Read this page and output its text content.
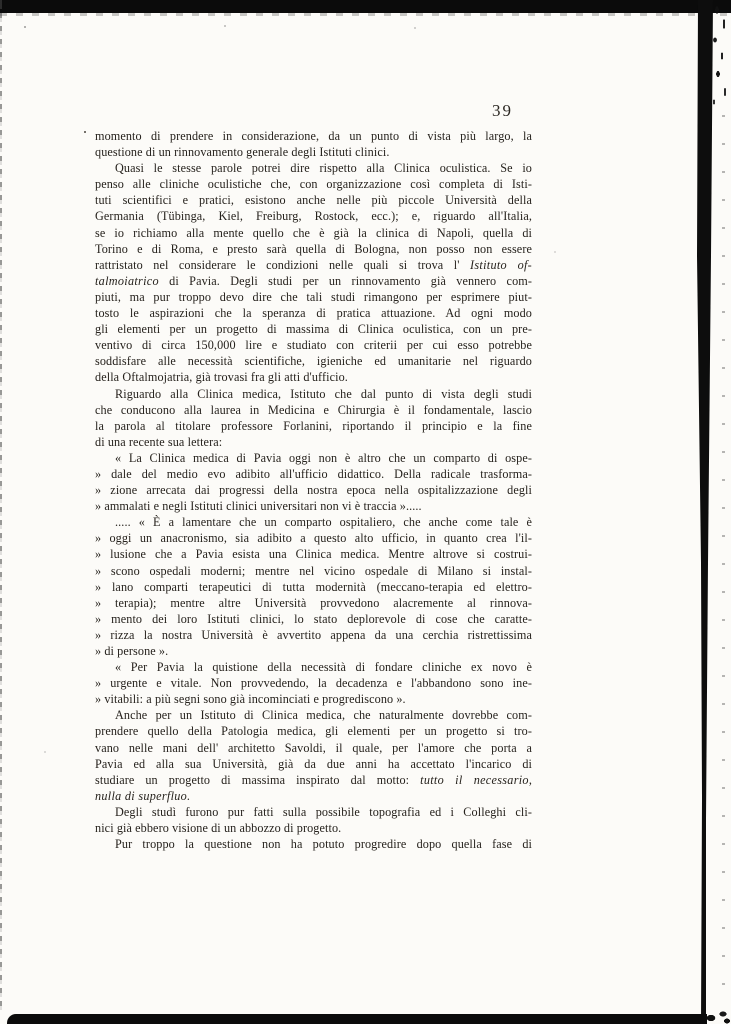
39
momento di prendere in considerazione, da un punto di vista più largo, la
questione di un rinnovamento generale degli Istituti clinici.
Quasi le stesse parole potrei dire rispetto alla Clinica oculistica. Se io
penso alle cliniche oculistiche che, con organizzazione così completa di Isti-
tuti scientifici e pratici, esistono anche nelle più piccole Università della
Germania (Tübinga, Kiel, Freiburg, Rostock, ecc.); e, riguardo all'Italia,
se io richiamo alla mente quello che è già la clinica di Napoli, quella di
Torino e di Roma, e presto sarà quella di Bologna, non posso non essere
rattristato nel considerare le condizioni nelle quali si trova l' Istituto of-
talmoiatrico di Pavia. Degli studi per un rinnovamento già vennero com-
piuti, ma pur troppo devo dire che tali studi rimangono per esprimere piut-
tosto le aspirazioni che la speranza di pratica attuazione. Ad ogni modo
gli elementi per un progetto di massima di Clinica oculistica, con un pre-
ventivo di circa 150,000 lire e studiato con criterii per cui esso potrebbe
soddisfare alle necessità scientifiche, igieniche ed umanitarie nel riguardo
della Oftalmojatria, già trovasi fra gli atti d'ufficio.
Riguardo alla Clinica medica, Istituto che dal punto di vista degli studi
che conducono alla laurea in Medicina e Chirurgia è il fondamentale, lascio
la parola al titolare professore Forlanini, riportando il principio e la fine
di una recente sua lettera:
« La Clinica medica di Pavia oggi non è altro che un comparto di ospe-
» dale del medio evo adibito all'ufficio didattico. Della radicale trasforma-
» zione arrecata dai progressi della nostra epoca nella ospitalizzazione degli
» ammalati e negli Istituti clinici universitari non vi è traccia ».....
..... « È a lamentare che un comparto ospitaliero, che anche come tale è
» oggi un anacronismo, sia adibito a questo alto ufficio, in quanto crea l'il-
» lusione che a Pavia esista una Clinica medica. Mentre altrove si costrui-
» scono ospedali moderni; mentre nel vicino ospedale di Milano si instal-
» lano comparti terapeutici di tutta modernità (meccano-terapia ed elettro-
» terapia); mentre altre Università provvedono alacremente al rinnova-
» mento dei loro Istituti clinici, lo stato deplorevole di cose che caratte-
» rizza la nostra Università è avvertito appena da una cerchia ristrettissima
» di persone ».
« Per Pavia la quistione della necessità di fondare cliniche ex novo è
» urgente e vitale. Non provvedendo, la decadenza e l'abbandono sono ine-
» vitabili: a più segni sono già incominciati e progrediscono ».
Anche per un Istituto di Clinica medica, che naturalmente dovrebbe com-
prendere quello della Patologia medica, gli elementi per un progetto si tro-
vano nelle mani dell' architetto Savoldi, il quale, per l'amore che porta a
Pavia ed alla sua Università, già da due anni ha accettato l'incarico di
studiare un progetto di massima inspirato dal motto: tutto il necessario,
nulla di superfluo.
Degli studì furono pur fatti sulla possibile topografia ed i Colleghi cli-
nici già ebbero visione di un abbozzo di progetto.
Pur troppo la questione non ha potuto progredire dopo quella fase di
